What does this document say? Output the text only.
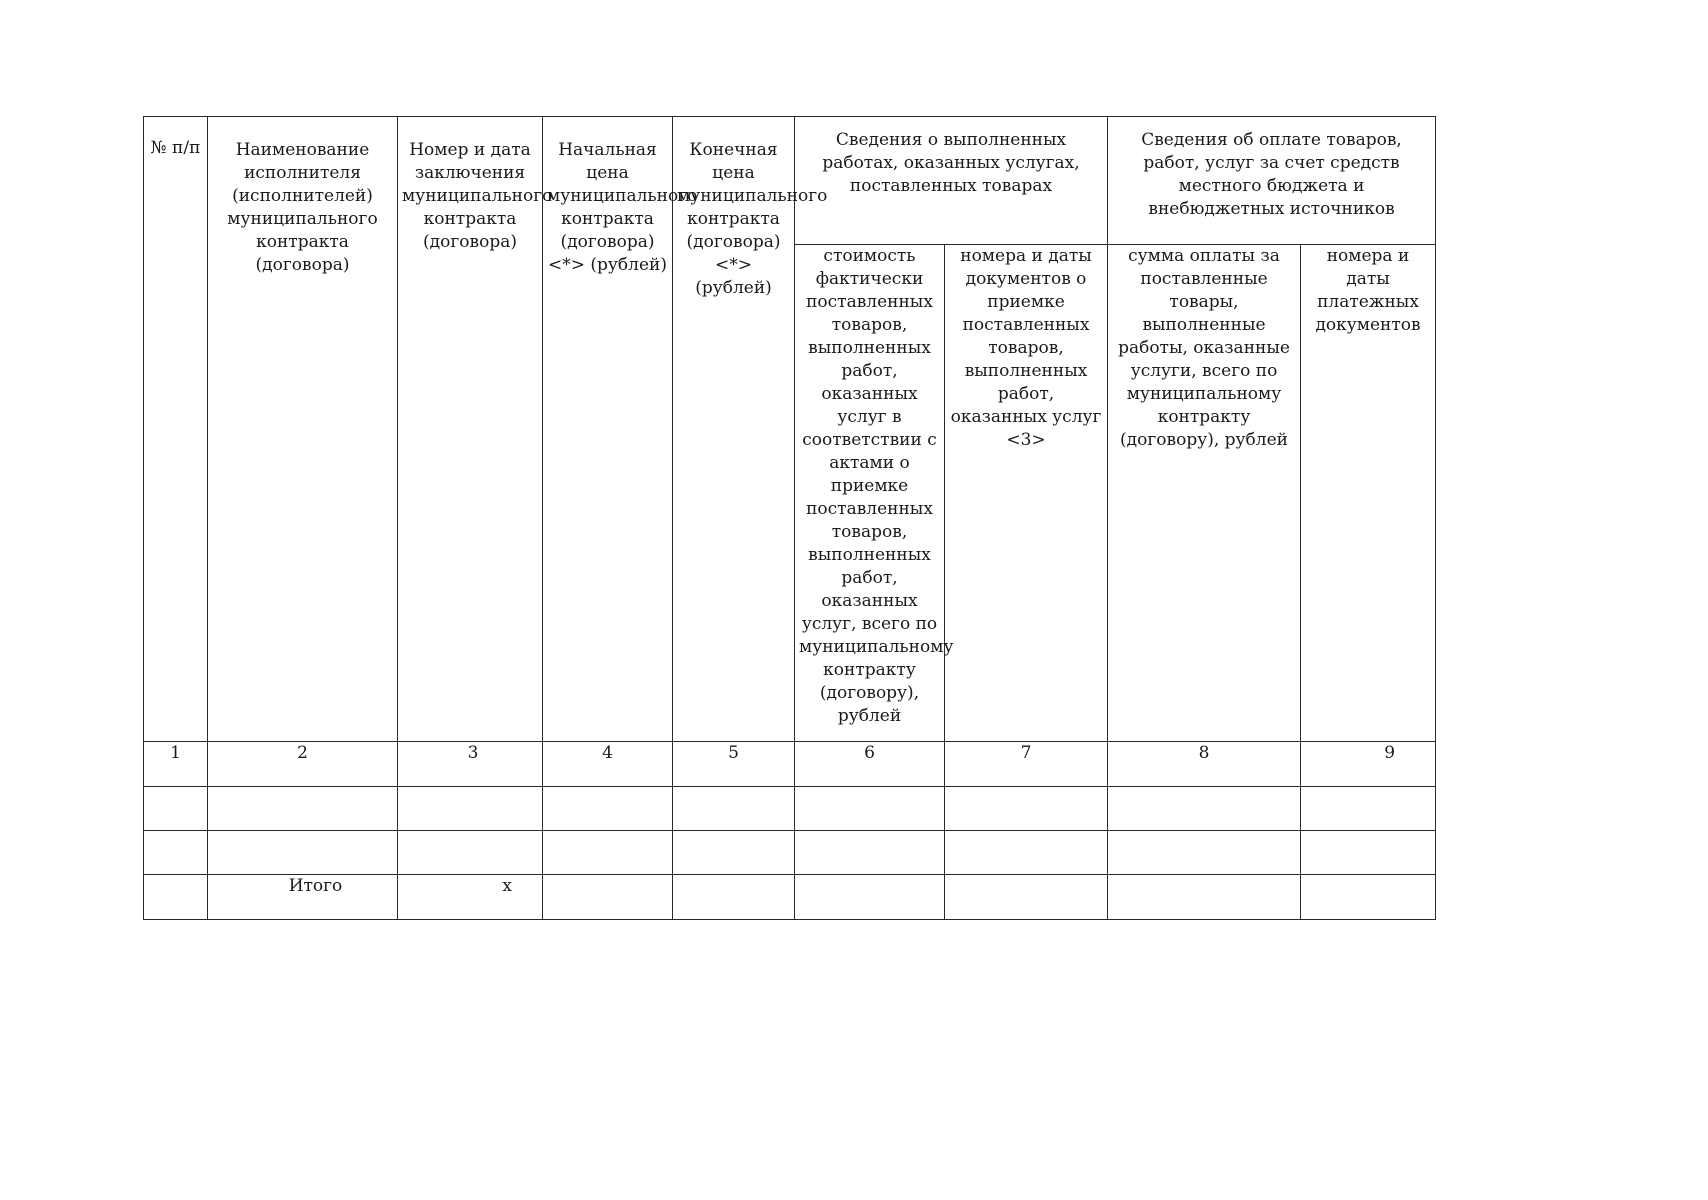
№ п/п	Наименование исполнителя (исполнителей) муниципального контракта (договора)	Номер и дата заключения муниципального контракта (договора)	Начальная цена муниципального контракта (договора) <*> (рублей)	Конечная цена муниципального контракта (договора) <*> (рублей)	Сведения о выполненных работах, оказанных услугах, поставленных товарах		Сведения об оплате товаров, работ, услуг за счет средств местного бюджета и внебюджетных источников	
					стоимость фактически поставленных товаров, выполненных работ, оказанных услуг в соответствии с актами о приемке поставленных товаров, выполненных работ, оказанных услуг, всего по муниципальному контракту (договору), рублей	номера и даты документов о приемке поставленных товаров, выполненных работ, оказанных услуг <3>	сумма оплаты за поставленные товары, выполненные работы, оказанные услуги, всего по муниципальному контракту (договору), рублей	номера и даты платежных документов
1	2	3	4	5	6	7	8	9

	Итого	x						
